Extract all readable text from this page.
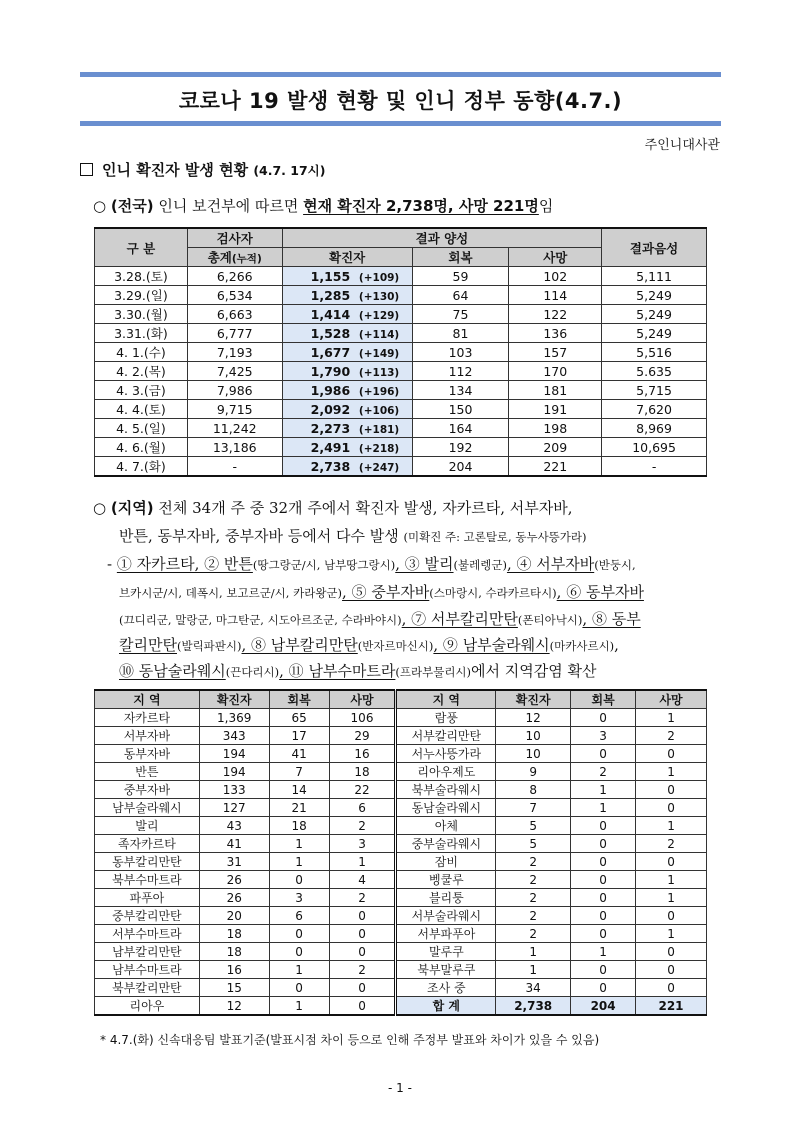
코로나 19 발생 현황 및 인니 정부 동향(4.7.)
주인니대사관
인니 확진자 발생 현황 (4.7. 17시)
○ (전국) 인니 보건부에 따르면 현재 확진자 2,738명, 사망 221명임
구 분	검사자	결과 양성			결과음성
	총계(누적)	확진자	회복	사망	
3.28.(토)	6,266	1,155 (+109)	59	102	5,111
3.29.(일)	6,534	1,285 (+130)	64	114	5,249
3.30.(월)	6,663	1,414 (+129)	75	122	5,249
3.31.(화)	6,777	1,528 (+114)	81	136	5,249
4. 1.(수)	7,193	1,677 (+149)	103	157	5,516
4. 2.(목)	7,425	1,790 (+113)	112	170	5.635
4. 3.(금)	7,986	1,986 (+196)	134	181	5,715
4. 4.(토)	9,715	2,092 (+106)	150	191	7,620
4. 5.(일)	11,242	2,273 (+181)	164	198	8,969
4. 6.(월)	13,186	2,491 (+218)	192	209	10,695
4. 7.(화)	-	2,738 (+247)	204	221	-
○ (지역) 전체 34개 주 중 32개 주에서 확진자 발생, 자카르타, 서부자바,
반튼, 동부자바, 중부자바 등에서 다수 발생 (미확진 주: 고론탈로, 동누사뜽가라)
- ① 자카르타, ② 반튼(땅그랑군/시, 남부땅그랑시), ③ 발리(불레렝군), ④ 서부자바(반둥시,
브카시군/시, 데폭시, 보고르군/시, 카라왕군), ⑤ 중부자바(스마랑시, 수라카르타시), ⑥ 동부자바
(끄디리군, 말랑군, 마그탄군, 시도아르조군, 수라바야시), ⑦ 서부칼리만탄(폰티아낙시), ⑧ 동부
칼리만탄(발릭파판시), ⑧ 남부칼리만탄(반자르마신시), ⑨ 남부술라웨시(마카사르시),
⑩ 동남술라웨시(끈다리시), ⑪ 남부수마트라(프라부물리시)에서 지역감염 확산
지 역	확진자	회복	사망	지 역	확진자	회복	사망
자카르타	1,369	65	106	람풍	12	0	1
서부자바	343	17	29	서부칼리만탄	10	3	2
동부자바	194	41	16	서누사뜽가라	10	0	0
반튼	194	7	18	리아우제도	9	2	1
중부자바	133	14	22	북부술라웨시	8	1	0
남부술라웨시	127	21	6	동남술라웨시	7	1	0
발리	43	18	2	아체	5	0	1
족자카르타	41	1	3	중부술라웨시	5	0	2
동부칼리만탄	31	1	1	잠비	2	0	0
북부수마트라	26	0	4	벵쿨루	2	0	1
파푸아	26	3	2	블리퉁	2	0	1
중부칼리만탄	20	6	0	서부술라웨시	2	0	0
서부수마트라	18	0	0	서부파푸아	2	0	1
남부칼리만탄	18	0	0	말루쿠	1	1	0
남부수마트라	16	1	2	북부말루쿠	1	0	0
북부칼리만탄	15	0	0	조사 중	34	0	0
리아우	12	1	0	합 계	2,738	204	221
* 4.7.(화) 신속대응팀 발표기준(발표시점 차이 등으로 인해 주정부 발표와 차이가 있을 수 있음)
- 1 -
